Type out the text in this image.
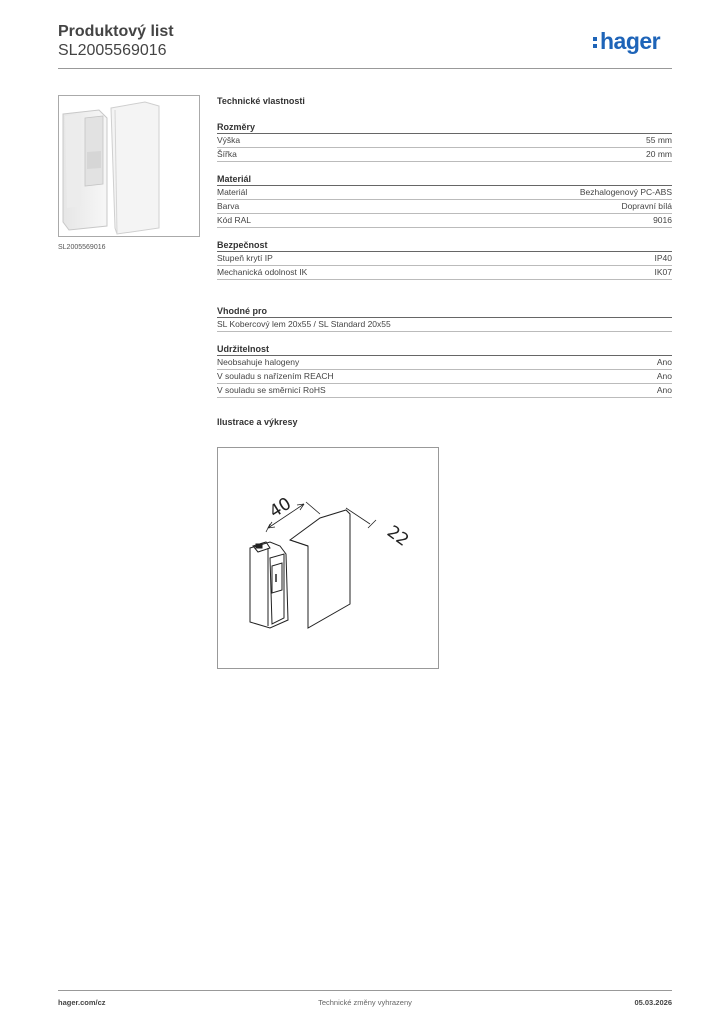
Produktový list
SL2005569016	hager
SL2005569016
Technické vlastnosti
Rozměry
Výška	55 mm
Šířka	20 mm
Materiál
Materiál	Bezhalogenový PC-ABS
Barva	Dopravní bílá
Kód RAL	9016
Bezpečnost
Stupeň krytí IP	IP40
Mechanická odolnost IK	IK07
Vhodné pro
SL Kobercový lem 20x55 / SL Standard 20x55
Udržitelnost
Neobsahuje halogeny	Ano
V souladu s nařízením REACH	Ano
V souladu se směrnicí RoHS	Ano
Ilustrace a výkresy
40
22
hager.com/cz	Technické změny vyhrazeny	05.03.2026
